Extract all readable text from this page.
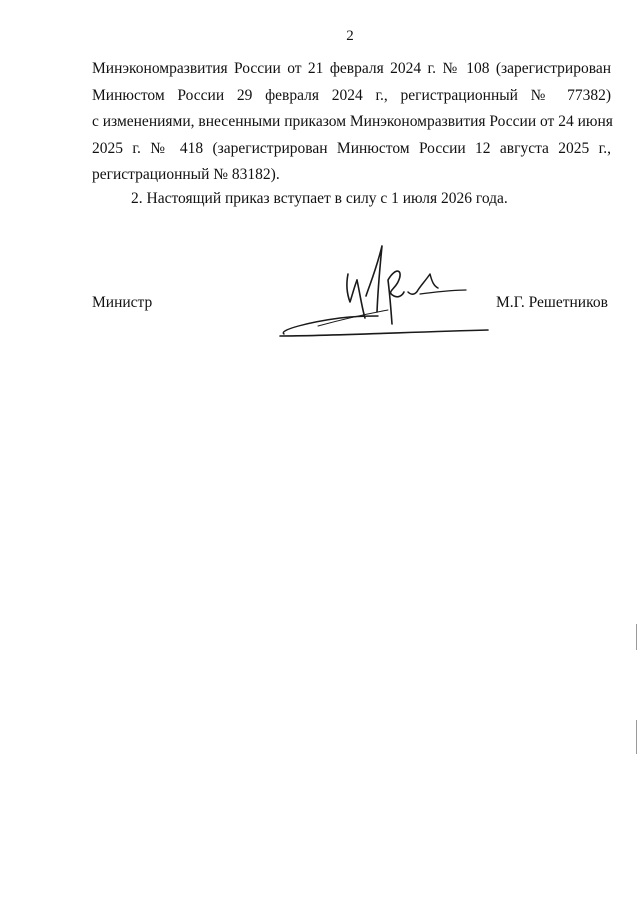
2
Минэкономразвития России от 21 февраля 2024 г. № 108 (зарегистрирован
Минюстом России 29 февраля 2024 г., регистрационный № 77382)
с изменениями, внесенными приказом Минэкономразвития России от 24 июня
2025 г. № 418 (зарегистрирован Минюстом России 12 августа 2025 г.,
регистрационный № 83182).
2. Настоящий приказ вступает в силу с 1 июля 2026 года.
Министр	М.Г. Решетников
